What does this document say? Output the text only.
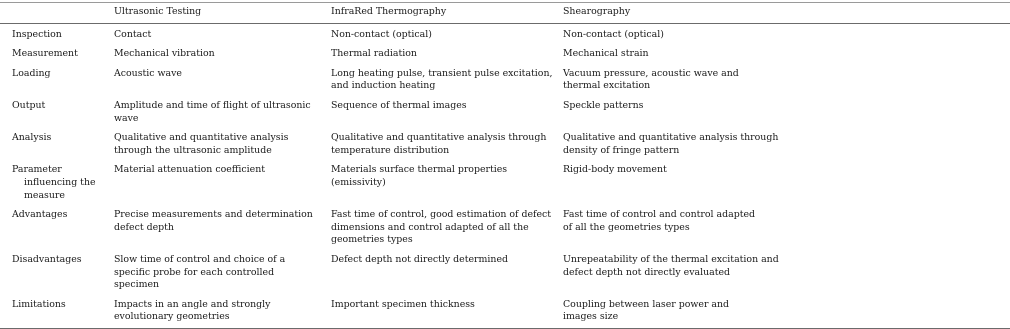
	Ultrasonic Testing	InfraRed Thermography	Shearography
Inspection	Contact	Non-contact (optical)	Non-contact (optical)

Measurement	Mechanical vibration	Thermal radiation	Mechanical strain

Loading	Acoustic wave	Long heating pulse, transient pulse excitation, and induction heating	Vacuum pressure, acoustic wave and thermal excitation

Output	Amplitude and time of flight of ultrasonic wave	Sequence of thermal images	Speckle patterns

Analysis	Qualitative and quantitative analysis through the ultrasonic amplitude	Qualitative and quantitative analysis through temperature distribution	Qualitative and quantitative analysis through density of fringe pattern

Parameter influencing the measure	Material attenuation coefficient	Materials surface thermal properties (emissivity)	Rigid-body movement

Advantages	Precise measurements and determination defect depth	Fast time of control, good estimation of defect dimensions and control adapted of all the geometries types	Fast time of control and control adapted of all the geometries types

Disadvantages	Slow time of control and choice of a specific probe for each controlled specimen	Defect depth not directly determined	Unrepeatability of the thermal excitation and defect depth not directly evaluated

Limitations	Impacts in an angle and strongly evolutionary geometries	Important specimen thickness	Coupling between laser power and images size
